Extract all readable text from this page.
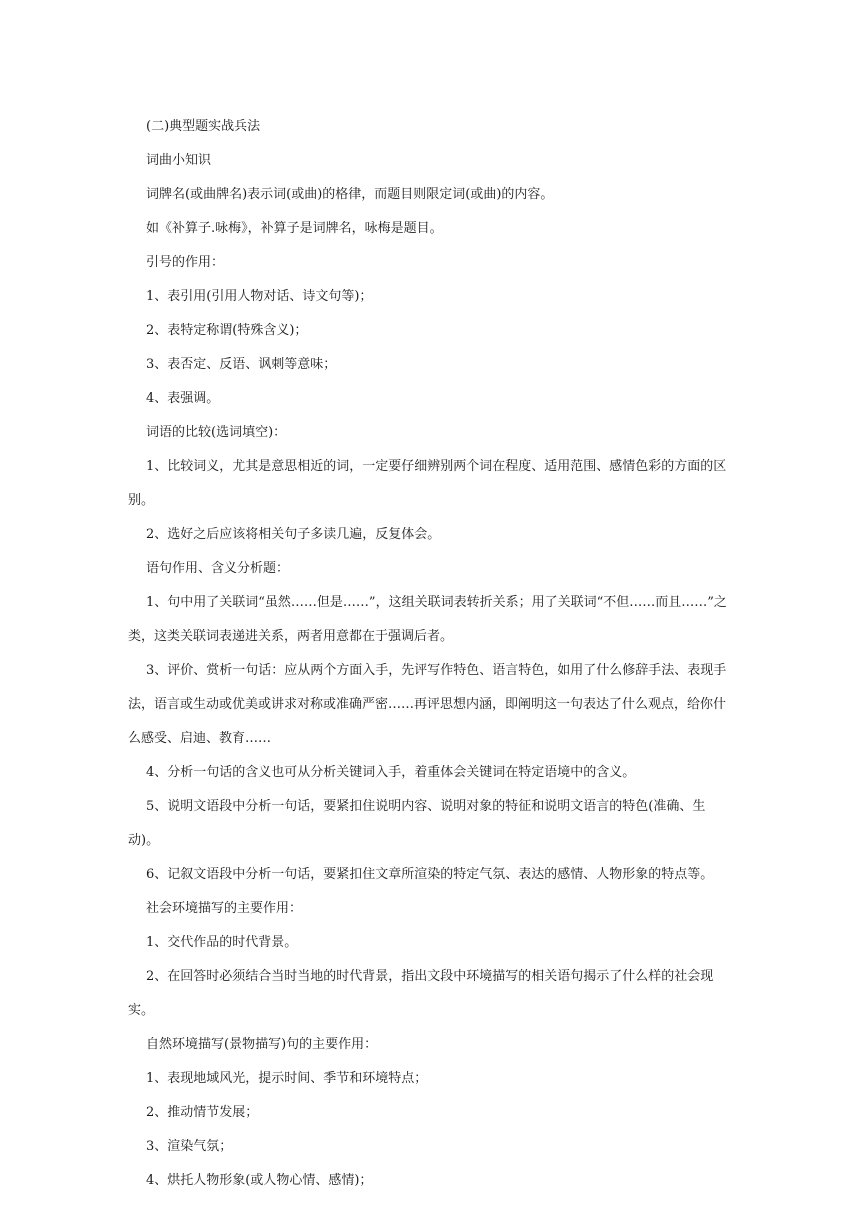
(二)典型题实战兵法

词曲小知识

词牌名(或曲牌名)表示词(或曲)的格律，而题目则限定词(或曲)的内容。

如《补算子.咏梅》，补算子是词牌名，咏梅是题目。

引号的作用：

1、表引用(引用人物对话、诗文句等)；

2、表特定称谓(特殊含义)；

3、表否定、反语、讽刺等意味；

4、表强调。

词语的比较(选词填空)：

1、比较词义，尤其是意思相近的词，一定要仔细辨别两个词在程度、适用范围、感情色彩的方面的区别。

2、选好之后应该将相关句子多读几遍，反复体会。

语句作用、含义分析题：

1、句中用了关联词“虽然……但是……”，这组关联词表转折关系；用了关联词“不但……而且……”之类，这类关联词表递进关系，两者用意都在于强调后者。

3、评价、赏析一句话：应从两个方面入手，先评写作特色、语言特色，如用了什么修辞手法、表现手法，语言或生动或优美或讲求对称或准确严密……再评思想内涵，即阐明这一句表达了什么观点，给你什么感受、启迪、教育……

4、分析一句话的含义也可从分析关键词入手，着重体会关键词在特定语境中的含义。

5、说明文语段中分析一句话，要紧扣住说明内容、说明对象的特征和说明文语言的特色(准确、生动)。

6、记叙文语段中分析一句话，要紧扣住文章所渲染的特定气氛、表达的感情、人物形象的特点等。

社会环境描写的主要作用：

1、交代作品的时代背景。

2、在回答时必须结合当时当地的时代背景，指出文段中环境描写的相关语句揭示了什么样的社会现实。

自然环境描写(景物描写)句的主要作用：

1、表现地域风光，提示时间、季节和环境特点；

2、推动情节发展；

3、渲染气氛；

4、烘托人物形象(或人物心情、感情)；
